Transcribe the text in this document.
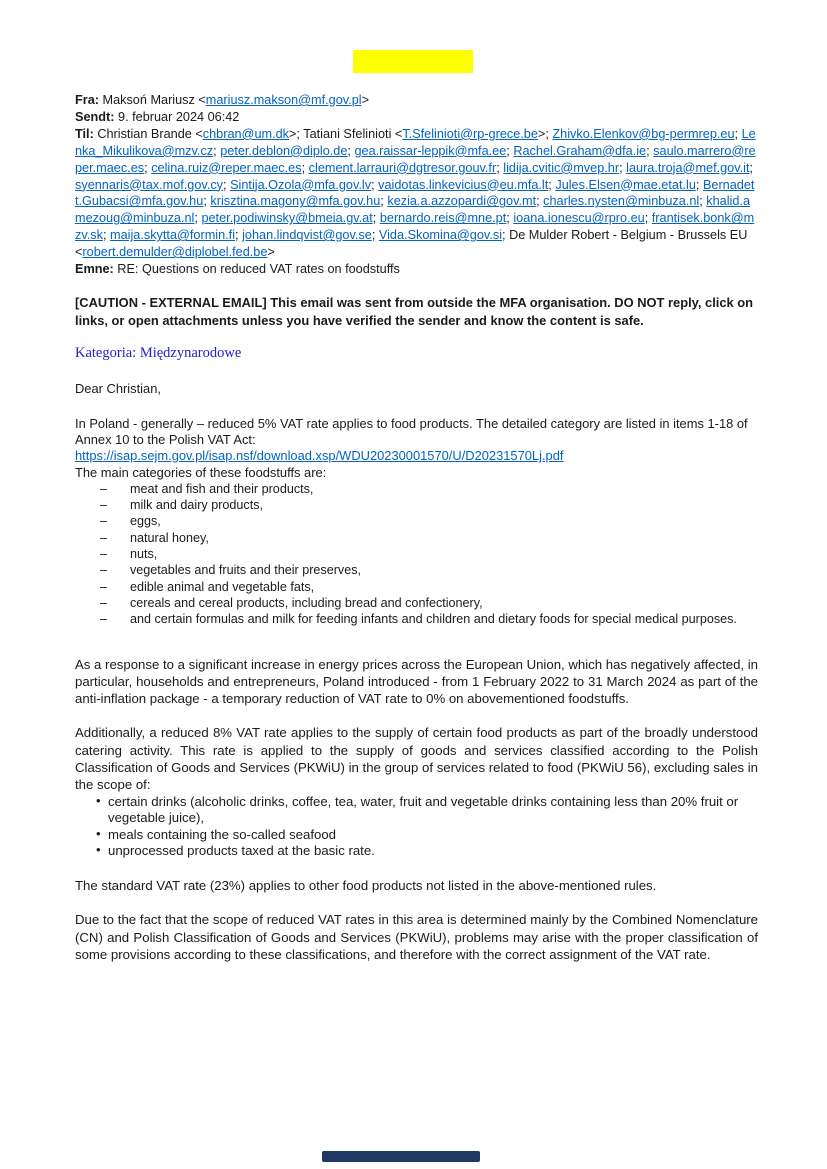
Fra: Maksoń Mariusz <mariusz.makson@mf.gov.pl>

Sendt: 9. februar 2024 06:42

Til: Christian Brande <chbran@um.dk>; Tatiani Sfelinioti <T.Sfelinioti@rp-grece.be>; Zhivko.Elenkov@bg-permrep.eu; Lenka_Mikulikova@mzv.cz; peter.deblon@diplo.de; gea.raissar-leppik@mfa.ee; Rachel.Graham@dfa.ie; saulo.marrero@reper.maec.es; celina.ruiz@reper.maec.es; clement.larrauri@dgtresor.gouv.fr; lidija.cvitic@mvep.hr; laura.troja@mef.gov.it; syennaris@tax.mof.gov.cy; Sintija.Ozola@mfa.gov.lv; vaidotas.linkevicius@eu.mfa.lt; Jules.Elsen@mae.etat.lu; Bernadett.Gubacsi@mfa.gov.hu; krisztina.magony@mfa.gov.hu; kezia.a.azzopardi@gov.mt; charles.nysten@minbuza.nl; khalid.amezoug@minbuza.nl; peter.podiwinsky@bmeia.gv.at; bernardo.reis@mne.pt; ioana.ionescu@rpro.eu; frantisek.bonk@mzv.sk; maija.skytta@formin.fi; johan.lindqvist@gov.se; Vida.Skomina@gov.si; De Mulder Robert - Belgium - Brussels EU <robert.demulder@diplobel.fed.be>

Emne: RE: Questions on reduced VAT rates on foodstuffs

[CAUTION - EXTERNAL EMAIL] This email was sent from outside the MFA organisation. DO NOT reply, click on links, or open attachments unless you have verified the sender and know the content is safe.

Kategoria: Międzynarodowe

Dear Christian,

In Poland - generally – reduced 5% VAT rate applies to food products. The detailed category are listed in items 1-18 of Annex 10 to the Polish VAT Act:

https://isap.sejm.gov.pl/isap.nsf/download.xsp/WDU20230001570/U/D20231570Lj.pdf

The main categories of these foodstuffs are:

– meat and fish and their products,
– milk and dairy products,
– eggs,
– natural honey,
– nuts,
– vegetables and fruits and their preserves,
– edible animal and vegetable fats,
– cereals and cereal products, including bread and confectionery,
– and certain formulas and milk for feeding infants and children and dietary foods for special medical purposes.

As a response to a significant increase in energy prices across the European Union, which has negatively affected, in particular, households and entrepreneurs, Poland introduced - from 1 February 2022 to 31 March 2024 as part of the anti-inflation package - a temporary reduction of VAT rate to 0% on abovementioned foodstuffs.

Additionally, a reduced 8% VAT rate applies to the supply of certain food products as part of the broadly understood catering activity. This rate is applied to the supply of goods and services classified according to the Polish Classification of Goods and Services (PKWiU) in the group of services related to food (PKWiU 56), excluding sales in the scope of:

• certain drinks (alcoholic drinks, coffee, tea, water, fruit and vegetable drinks containing less than 20% fruit or vegetable juice),
• meals containing the so-called seafood
• unprocessed products taxed at the basic rate.

The standard VAT rate (23%) applies to other food products not listed in the above-mentioned rules.

Due to the fact that the scope of reduced VAT rates in this area is determined mainly by the Combined Nomenclature (CN) and Polish Classification of Goods and Services (PKWiU), problems may arise with the proper classification of some provisions according to these classifications, and therefore with the correct assignment of the VAT rate.
